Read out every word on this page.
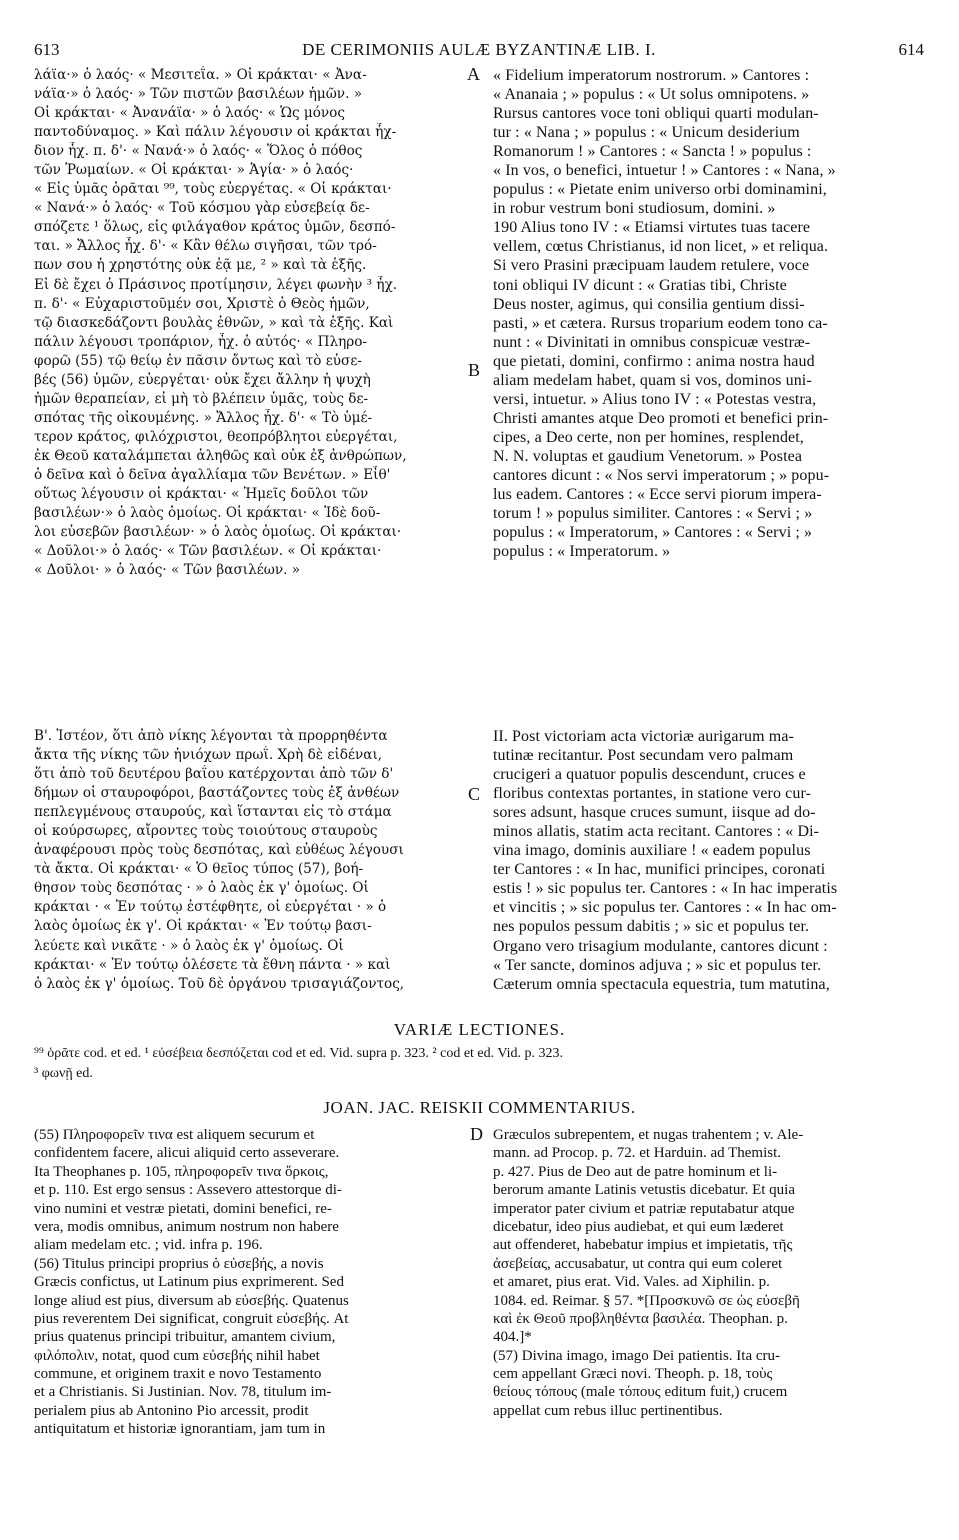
613	DE CERIMONIIS AULÆ BYZANTINÆ LIB. I.	614
λάϊα·» ὁ λαός· « Μεσιτεΐα. » Οἱ κράκται· « Ἀνα-
νάϊα·» ὁ λαός· » Τῶν πιστῶν βασιλέων ἡμῶν. »
Οἱ κράκται· « Ἀνανάϊα· » ὁ λαός· « Ὡς μόνος
παντοδύναμος. » Καὶ πάλιν λέγουσιν οἱ κράκται ἦχ-
διον ἦχ. π. δ'· « Νανά·» ὁ λαός· « Ὅλος ὁ πόθος
τῶν Ῥωμαίων. « Οἱ κράκται· » Ἁγία· » ὁ λαός·
« Εἰς ὑμᾶς ὁρᾶται ⁹⁹, τοὺς εὐεργέτας. « Οἱ κράκται·
« Νανά·» ὁ λαός· « Τοῦ κόσμου γὰρ εὐσεβείᾳ δε-
σπόζετε ¹ ὅλως, εἰς φιλάγαθον κράτος ὑμῶν, δεσπό-
ται. » Ἄλλος ἦχ. δ'· « Κἂν θέλω σιγῆσαι, τῶν τρό-
πων σου ἡ χρηστότης οὐκ ἐᾷ με, ² » καὶ τὰ ἑξῆς.
Εἰ δὲ ἔχει ὁ Πράσινος προτίμησιν, λέγει φωνὴν ³ ἦχ.
π. δ'· « Εὐχαριστοῦμέν σοι, Χριστὲ ὁ Θεὸς ἡμῶν,
τῷ διασκεδάζοντι βουλὰς ἐθνῶν, » καὶ τὰ ἑξῆς. Καὶ
πάλιν λέγουσι τροπάριον, ἦχ. ὁ αὐτός· « Πληρο-
φορῶ (55) τῷ θείῳ ἐν πᾶσιν ὄντως καὶ τὸ εὐσε-
βές (56) ὑμῶν, εὐεργέται· οὐκ ἔχει ἄλλην ἡ ψυχὴ
ἡμῶν θεραπείαν, εἰ μὴ τὸ βλέπειν ὑμᾶς, τοὺς δε-
σπότας τῆς οἰκουμένης. » Ἄλλος ἦχ. δ'· « Τὸ ὑμέ-
τερον κράτος, φιλόχριστοι, θεοπρόβλητοι εὐεργέται,
ἐκ Θεοῦ καταλάμπεται ἀληθῶς καὶ οὐκ ἐξ ἀνθρώπων,
ὁ δεῖνα καὶ ὁ δεῖνα ἀγαλλίαμα τῶν Βενέτων. » Εἶθ'
οὕτως λέγουσιν οἱ κράκται· « Ἡμεῖς δοῦλοι τῶν
βασιλέων·» ὁ λαὸς ὁμοίως. Οἱ κράκται· « Ἰδὲ δοῦ-
λοι εὐσεβῶν βασιλέων· » ὁ λαὸς ὁμοίως. Οἱ κράκται·
« Δοῦλοι·» ὁ λαός· « Τῶν βασιλέων. « Οἱ κράκται·
« Δοῦλοι· » ὁ λαός· « Τῶν βασιλέων. »
« Fidelium imperatorum nostrorum. » Cantores :
« Ananaia ; » populus : « Ut solus omnipotens. »
Rursus cantores voce toni obliqui quarti modulan-
tur : « Nana ; » populus : « Unicum desiderium
Romanorum ! » Cantores : « Sancta ! » populus :
« In vos, o benefici, intuetur ! » Cantores : « Nana, »
populus : « Pietate enim universo orbi dominamini,
in robur vestrum boni studiosum, domini. »
190 Alius tono IV : « Etiamsi virtutes tuas tacere
vellem, cœtus Christianus, id non licet, » et reliqua.
Si vero Prasini præcipuam laudem retulere, voce
toni obliqui IV dicunt : « Gratias tibi, Christe
Deus noster, agimus, qui consilia gentium dissi-
pasti, » et cætera. Rursus troparium eodem tono ca-
nunt : « Divinitati in omnibus conspicuæ vestræ-
que pietati, domini, confirmo : anima nostra haud
aliam medelam habet, quam si vos, dominos uni-
versi, intuetur. » Alius tono IV : « Potestas vestra,
Christi amantes atque Deo promoti et benefici prin-
cipes, a Deo certe, non per homines, resplendet,
N. N. voluptas et gaudium Venetorum. » Postea
cantores dicunt : « Nos servi imperatorum ; » popu-
lus eadem. Cantores : « Ecce servi piorum impera-
torum ! » populus similiter. Cantores : « Servi ; »
populus : « Imperatorum, » Cantores : « Servi ; »
populus : « Imperatorum. »
Β'. Ἰστέον, ὅτι ἀπὸ νίκης λέγονται τὰ προρρηθέντα
ἄκτα τῆς νίκης τῶν ἡνιόχων πρωΐ. Χρὴ δὲ εἰδέναι,
ὅτι ἀπὸ τοῦ δευτέρου βαΐου κατέρχονται ἀπὸ τῶν δ'
δήμων οἱ σταυροφόροι, βαστάζοντες τοὺς ἐξ ἀνθέων
πεπλεγμένους σταυρούς, καὶ ἵστανται εἰς τὸ στάμα
οἱ κούρσωρες, αἴροντες τοὺς τοιούτους σταυροὺς
ἀναφέρουσι πρὸς τοὺς δεσπότας, καὶ εὐθέως λέγουσι
τὰ ἄκτα. Οἱ κράκται· « Ὁ θεῖος τύπος (57), βοή-
θησον τοὺς δεσπότας · » ὁ λαὸς ἐκ γ' ὁμοίως. Οἱ
κράκται · « Ἐν τούτῳ ἐστέφθητε, οἱ εὐεργέται · » ὁ
λαὸς ὁμοίως ἐκ γ'. Οἱ κράκται· « Ἐν τούτῳ βασι-
λεύετε καὶ νικᾶτε · » ὁ λαὸς ἐκ γ' ὁμοίως. Οἱ
κράκται· « Ἐν τούτῳ ὀλέσετε τὰ ἔθνη πάντα · » καὶ
ὁ λαὸς ἐκ γ' ὁμοίως. Τοῦ δὲ ὀργάνου τρισαγιάζοντος,
II. Post victoriam acta victoriæ aurigarum ma-
tutinæ recitantur. Post secundam vero palmam
crucigeri a quatuor populis descendunt, cruces e
floribus contextas portantes, in statione vero cur-
sores adsunt, hasque cruces sumunt, iisque ad do-
minos allatis, statim acta recitant. Cantores : « Di-
vina imago, dominis auxiliare ! « eadem populus
ter Cantores : « In hac, munifici principes, coronati
estis ! » sic populus ter. Cantores : « In hac imperatis
et vincitis ; » sic populus ter. Cantores : « In hac om-
nes populos pessum dabitis ; » sic et populus ter.
Organo vero trisagium modulante, cantores dicunt :
« Ter sancte, dominos adjuva ; » sic et populus ter.
Cæterum omnia spectacula equestria, tum matutina,
A
B
C
D
VARIÆ LECTIONES.
⁹⁹ ὁρᾶτε cod. et ed. ¹ εὐσέβεια δεσπόζεται cod et ed. Vid. supra p. 323. ² cod et ed. Vid. p. 323.
³ φωνῇ ed.
JOAN. JAC. REISKII COMMENTARIUS.
(55) Πληροφορεῖν τινα est aliquem securum et
confidentem facere, alicui aliquid certo asseverare.
Ita Theophanes p. 105, πληροφορεῖν τινα ὅρκοις,
et p. 110. Est ergo sensus : Assevero attestorque di-
vino numini et vestræ pietati, domini benefici, re-
vera, modis omnibus, animum nostrum non habere
aliam medelam etc. ; vid. infra p. 196.
(56) Titulus principi proprius ὁ εὐσεβής, a novis
Græcis confictus, ut Latinum pius exprimerent. Sed
longe aliud est pius, diversum ab εὐσεβής. Quatenus
pius reverentem Dei significat, congruit εὐσεβής. At
prius quatenus principi tribuitur, amantem civium,
φιλόπολιν, notat, quod cum εὐσεβής nihil habet
commune, et originem traxit e novo Testamento
et a Christianis. Si Justinian. Nov. 78, titulum im-
perialem pius ab Antonino Pio arcessit, prodit
antiquitatum et historiæ ignorantiam, jam tum in
Græculos subrepentem, et nugas trahentem ; v. Ale-
mann. ad Procop. p. 72. et Harduin. ad Themist.
p. 427. Pius de Deo aut de patre hominum et li-
berorum amante Latinis vetustis dicebatur. Et quia
imperator pater civium et patriæ reputabatur atque
dicebatur, ideo pius audiebat, et qui eum læderet
aut offenderet, habebatur impius et impietatis, τῆς
ἀσεβείας, accusabatur, ut contra qui eum coleret
et amaret, pius erat. Vid. Vales. ad Xiphilin. p.
1084. ed. Reimar. § 57. *[Προσκυνῶ σε ὡς εὐσεβῆ
καὶ ἐκ Θεοῦ προβληθέντα βασιλέα. Theophan. p.
404.]*
(57) Divina imago, imago Dei patientis. Ita cru-
cem appellant Græci novi. Theoph. p. 18, τοὺς
θείους τόπους (male τόπους editum fuit,) crucem
appellat cum rebus illuc pertinentibus.
